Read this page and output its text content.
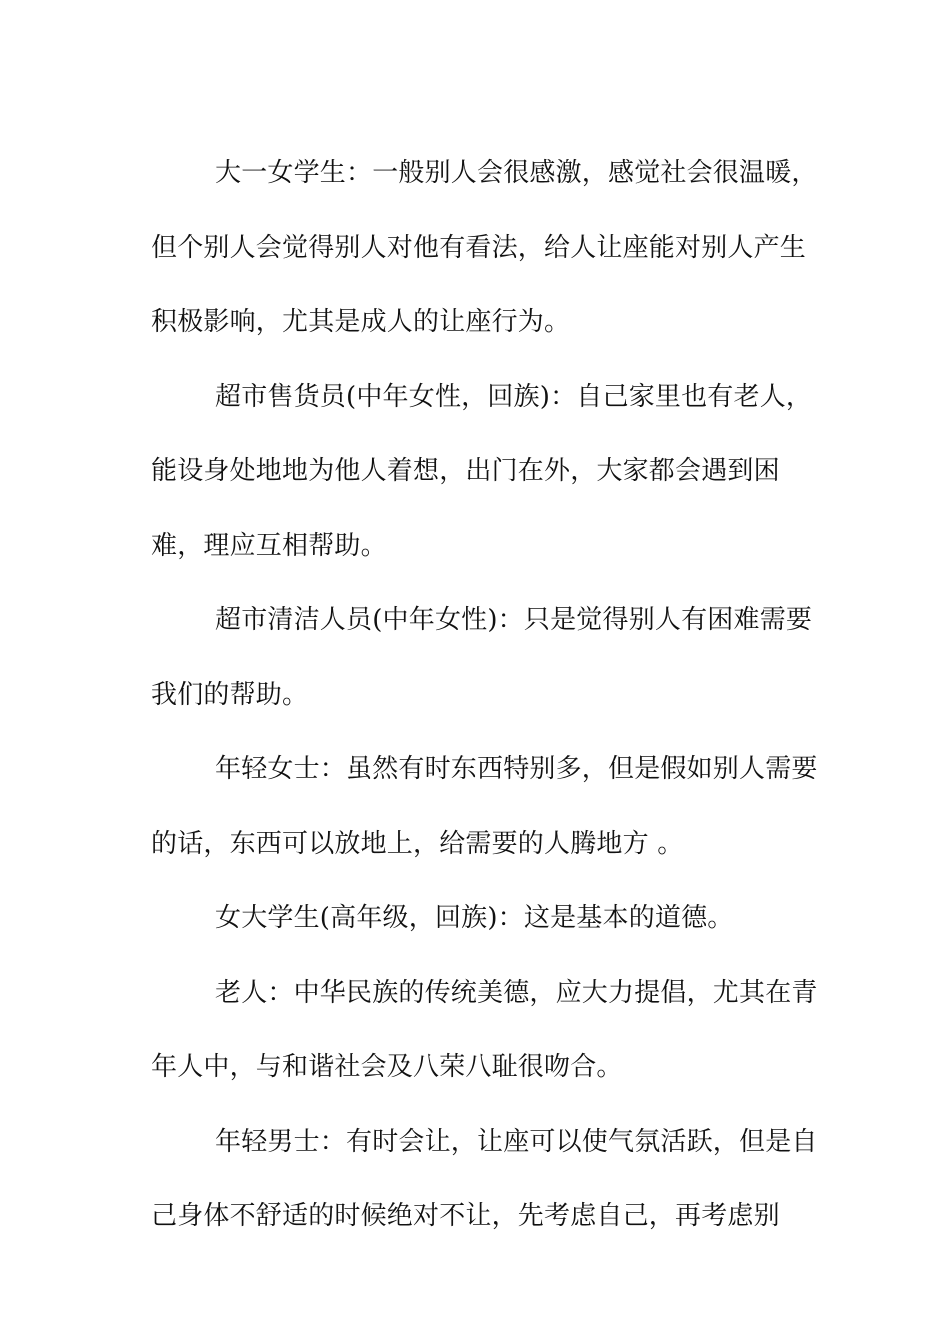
大一女学生：一般别人会很感激，感觉社会很温暖，
但个别人会觉得别人对他有看法，给人让座能对别人产生
积极影响，尤其是成人的让座行为。
超市售货员(中年女性，回族)：自己家里也有老人，
能设身处地地为他人着想，出门在外，大家都会遇到困
难，理应互相帮助。
超市清洁人员(中年女性)：只是觉得别人有困难需要
我们的帮助。
年轻女士：虽然有时东西特别多，但是假如别人需要
的话，东西可以放地上，给需要的人腾地方 。
女大学生(高年级，回族)：这是基本的道德。
老人：中华民族的传统美德，应大力提倡，尤其在青
年人中，与和谐社会及八荣八耻很吻合。
年轻男士：有时会让，让座可以使气氛活跃，但是自
己身体不舒适的时候绝对不让，先考虑自己，再考虑别
